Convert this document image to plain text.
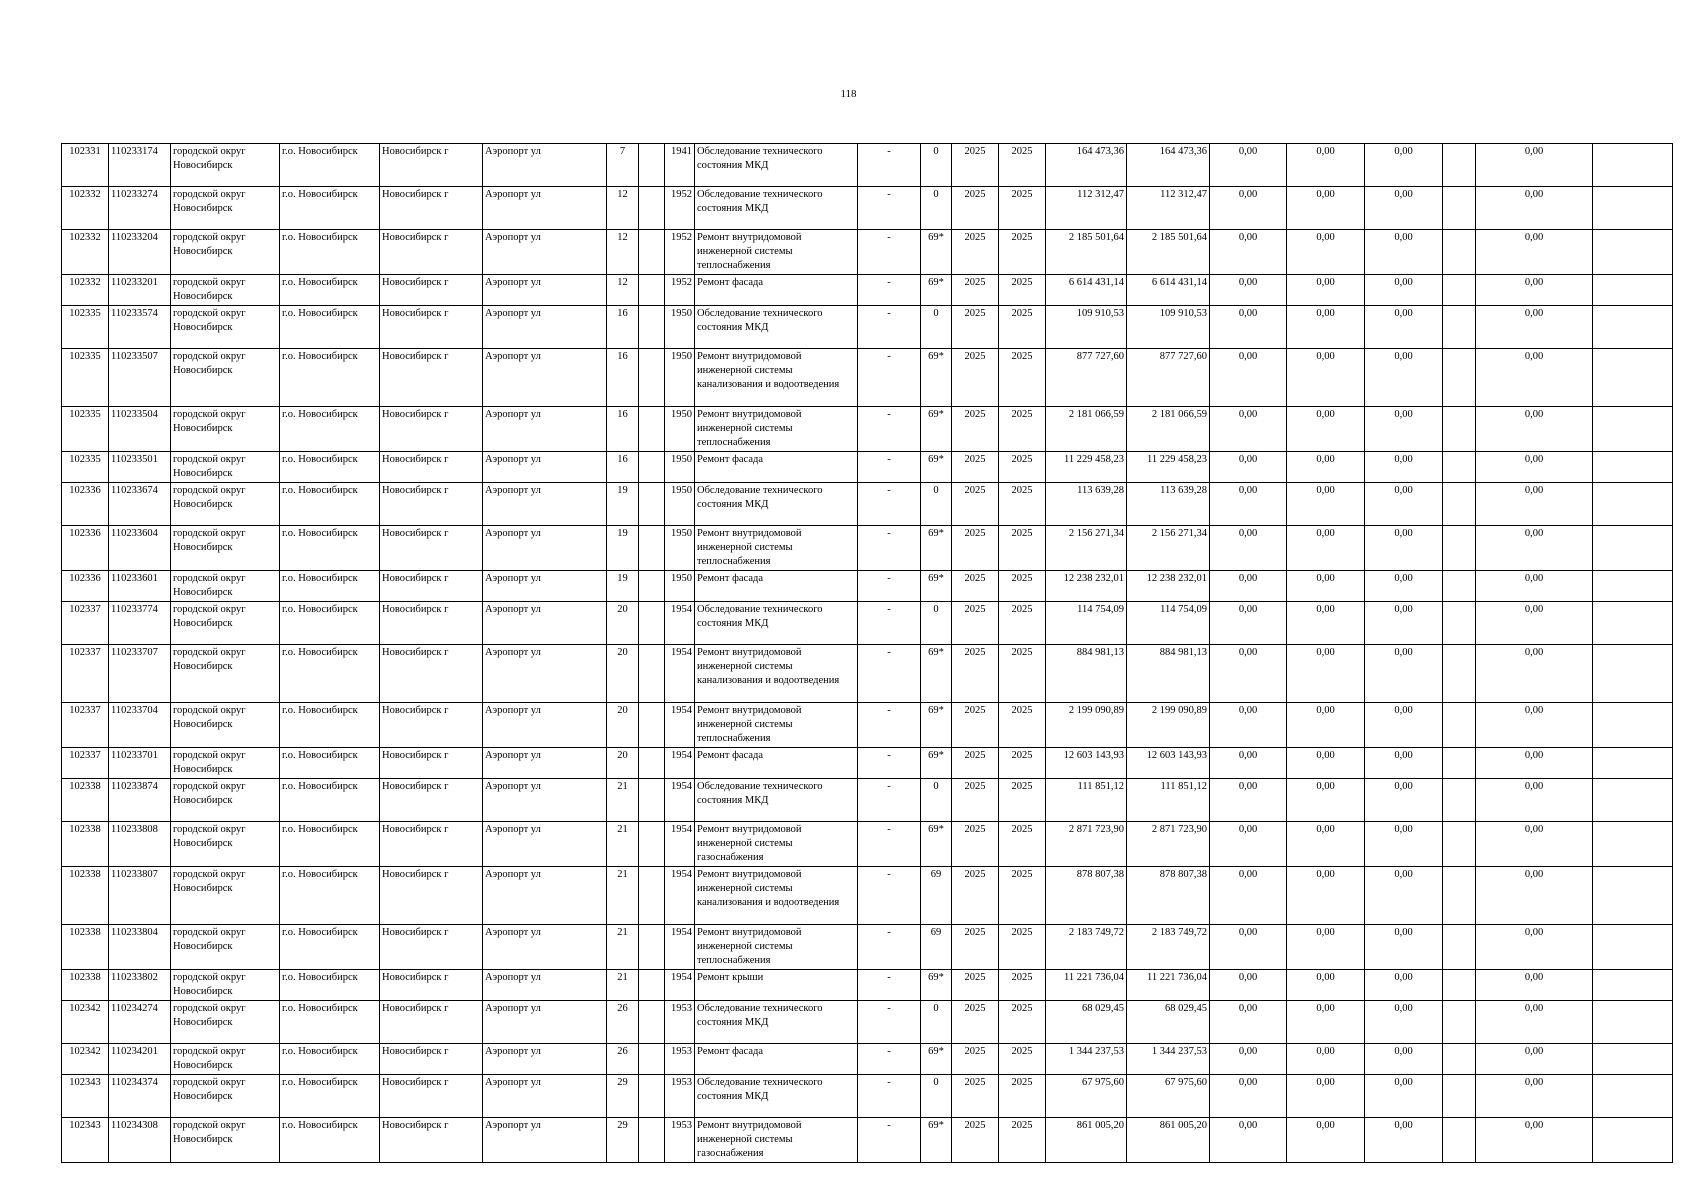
118
102331	110233174	городской округ Новосибирск	г.о. Новосибирск	Новосибирск г	Аэропорт ул	7		1941	Обследование технического состояния МКД	-	0	2025	2025	164 473,36	164 473,36	0,00	0,00	0,00		0,00	
102332	110233274	городской округ Новосибирск	г.о. Новосибирск	Новосибирск г	Аэропорт ул	12		1952	Обследование технического состояния МКД	-	0	2025	2025	112 312,47	112 312,47	0,00	0,00	0,00		0,00	
102332	110233204	городской округ Новосибирск	г.о. Новосибирск	Новосибирск г	Аэропорт ул	12		1952	Ремонт внутридомовой инженерной системы теплоснабжения	-	69*	2025	2025	2 185 501,64	2 185 501,64	0,00	0,00	0,00		0,00	
102332	110233201	городской округ Новосибирск	г.о. Новосибирск	Новосибирск г	Аэропорт ул	12		1952	Ремонт фасада	-	69*	2025	2025	6 614 431,14	6 614 431,14	0,00	0,00	0,00		0,00	
102335	110233574	городской округ Новосибирск	г.о. Новосибирск	Новосибирск г	Аэропорт ул	16		1950	Обследование технического состояния МКД	-	0	2025	2025	109 910,53	109 910,53	0,00	0,00	0,00		0,00	
102335	110233507	городской округ Новосибирск	г.о. Новосибирск	Новосибирск г	Аэропорт ул	16		1950	Ремонт внутридомовой инженерной системы канализования и водоотведения	-	69*	2025	2025	877 727,60	877 727,60	0,00	0,00	0,00		0,00	
102335	110233504	городской округ Новосибирск	г.о. Новосибирск	Новосибирск г	Аэропорт ул	16		1950	Ремонт внутридомовой инженерной системы теплоснабжения	-	69*	2025	2025	2 181 066,59	2 181 066,59	0,00	0,00	0,00		0,00	
102335	110233501	городской округ Новосибирск	г.о. Новосибирск	Новосибирск г	Аэропорт ул	16		1950	Ремонт фасада	-	69*	2025	2025	11 229 458,23	11 229 458,23	0,00	0,00	0,00		0,00	
102336	110233674	городской округ Новосибирск	г.о. Новосибирск	Новосибирск г	Аэропорт ул	19		1950	Обследование технического состояния МКД	-	0	2025	2025	113 639,28	113 639,28	0,00	0,00	0,00		0,00	
102336	110233604	городской округ Новосибирск	г.о. Новосибирск	Новосибирск г	Аэропорт ул	19		1950	Ремонт внутридомовой инженерной системы теплоснабжения	-	69*	2025	2025	2 156 271,34	2 156 271,34	0,00	0,00	0,00		0,00	
102336	110233601	городской округ Новосибирск	г.о. Новосибирск	Новосибирск г	Аэропорт ул	19		1950	Ремонт фасада	-	69*	2025	2025	12 238 232,01	12 238 232,01	0,00	0,00	0,00		0,00	
102337	110233774	городской округ Новосибирск	г.о. Новосибирск	Новосибирск г	Аэропорт ул	20		1954	Обследование технического состояния МКД	-	0	2025	2025	114 754,09	114 754,09	0,00	0,00	0,00		0,00	
102337	110233707	городской округ Новосибирск	г.о. Новосибирск	Новосибирск г	Аэропорт ул	20		1954	Ремонт внутридомовой инженерной системы канализования и водоотведения	-	69*	2025	2025	884 981,13	884 981,13	0,00	0,00	0,00		0,00	
102337	110233704	городской округ Новосибирск	г.о. Новосибирск	Новосибирск г	Аэропорт ул	20		1954	Ремонт внутридомовой инженерной системы теплоснабжения	-	69*	2025	2025	2 199 090,89	2 199 090,89	0,00	0,00	0,00		0,00	
102337	110233701	городской округ Новосибирск	г.о. Новосибирск	Новосибирск г	Аэропорт ул	20		1954	Ремонт фасада	-	69*	2025	2025	12 603 143,93	12 603 143,93	0,00	0,00	0,00		0,00	
102338	110233874	городской округ Новосибирск	г.о. Новосибирск	Новосибирск г	Аэропорт ул	21		1954	Обследование технического состояния МКД	-	0	2025	2025	111 851,12	111 851,12	0,00	0,00	0,00		0,00	
102338	110233808	городской округ Новосибирск	г.о. Новосибирск	Новосибирск г	Аэропорт ул	21		1954	Ремонт внутридомовой инженерной системы газоснабжения	-	69*	2025	2025	2 871 723,90	2 871 723,90	0,00	0,00	0,00		0,00	
102338	110233807	городской округ Новосибирск	г.о. Новосибирск	Новосибирск г	Аэропорт ул	21		1954	Ремонт внутридомовой инженерной системы канализования и водоотведения	-	69	2025	2025	878 807,38	878 807,38	0,00	0,00	0,00		0,00	
102338	110233804	городской округ Новосибирск	г.о. Новосибирск	Новосибирск г	Аэропорт ул	21		1954	Ремонт внутридомовой инженерной системы теплоснабжения	-	69	2025	2025	2 183 749,72	2 183 749,72	0,00	0,00	0,00		0,00	
102338	110233802	городской округ Новосибирск	г.о. Новосибирск	Новосибирск г	Аэропорт ул	21		1954	Ремонт крыши	-	69*	2025	2025	11 221 736,04	11 221 736,04	0,00	0,00	0,00		0,00	
102342	110234274	городской округ Новосибирск	г.о. Новосибирск	Новосибирск г	Аэропорт ул	26		1953	Обследование технического состояния МКД	-	0	2025	2025	68 029,45	68 029,45	0,00	0,00	0,00		0,00	
102342	110234201	городской округ Новосибирск	г.о. Новосибирск	Новосибирск г	Аэропорт ул	26		1953	Ремонт фасада	-	69*	2025	2025	1 344 237,53	1 344 237,53	0,00	0,00	0,00		0,00	
102343	110234374	городской округ Новосибирск	г.о. Новосибирск	Новосибирск г	Аэропорт ул	29		1953	Обследование технического состояния МКД	-	0	2025	2025	67 975,60	67 975,60	0,00	0,00	0,00		0,00	
102343	110234308	городской округ Новосибирск	г.о. Новосибирск	Новосибирск г	Аэропорт ул	29		1953	Ремонт внутридомовой инженерной системы газоснабжения	-	69*	2025	2025	861 005,20	861 005,20	0,00	0,00	0,00		0,00	
